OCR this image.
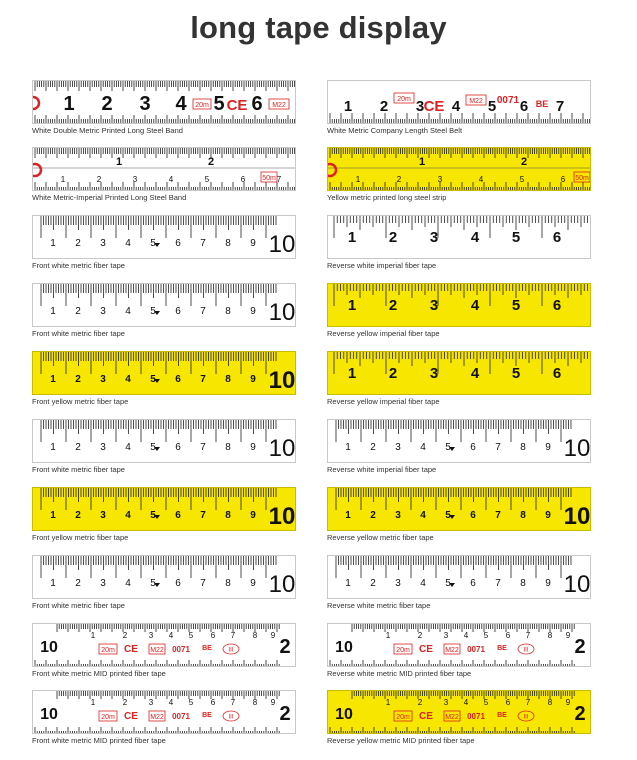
long tape display
1 2 3 4 5 6
20m CE	M22
White Double Metric Printed Long Steel Band
1 2 3 4 5 6 7
20m CE	M22 0071 BE
White Metric Company Length Steel Belt
1	2
1	2	3	4	5	6	7
50m
White Metric-Imperial Printed Long Steel Band
1	2
1	2	3	4	5	6 50m
Yellow metric printed long steel strip
1 2 3 4 5 6 7 8 9 10
Front white metric fiber tape
1 2 3 4 5 6
Reverse white imperial fiber tape
1 2 3 4 5 6 7 8 9 10
Front white metric fiber tape
1 2 3 4 5 6
Reverse yellow imperial fiber tape
1 2 3 4 5 6 7 8 9 10
Front yellow metric fiber tape
1 2 3 4 5 6
Reverse yellow imperial fiber tape
1 2 3 4 5 6 7 8 9 10
Front white metric fiber tape
1 2 3 4 5 6 7 8 9 10
Reverse white imperial fiber tape
1 2 3 4 5 6 7 8 9 10
Front yellow metric fiber tape
1 2 3 4 5 6 7 8 9 10
Reverse yellow metric fiber tape
1 2 3 4 5 6 7 8 9 10
Front white metric fiber tape
1 2 3 4 5 6 7 8 9 10
Reverse white metric fiber tape
10
1	2	3 4 5 6 7 8 9
2
20m CE M22 0071 BE	III
Front white metric MID printed fiber tape
10
1	2	3 4 5 6 7 8 9
2
20m CE M22 0071 BE	III
Reverse white metric MID printed fiber tape
10
1	2	3 4 5 6 7 8 9
2
20m CE M22 0071 BE	III
Front white metric MID printed fiber tape
10
1	2	3 4 5 6 7 8 9
2
20m CE M22 0071 BE	III
Reverse yellow metric MID printed fiber tape
